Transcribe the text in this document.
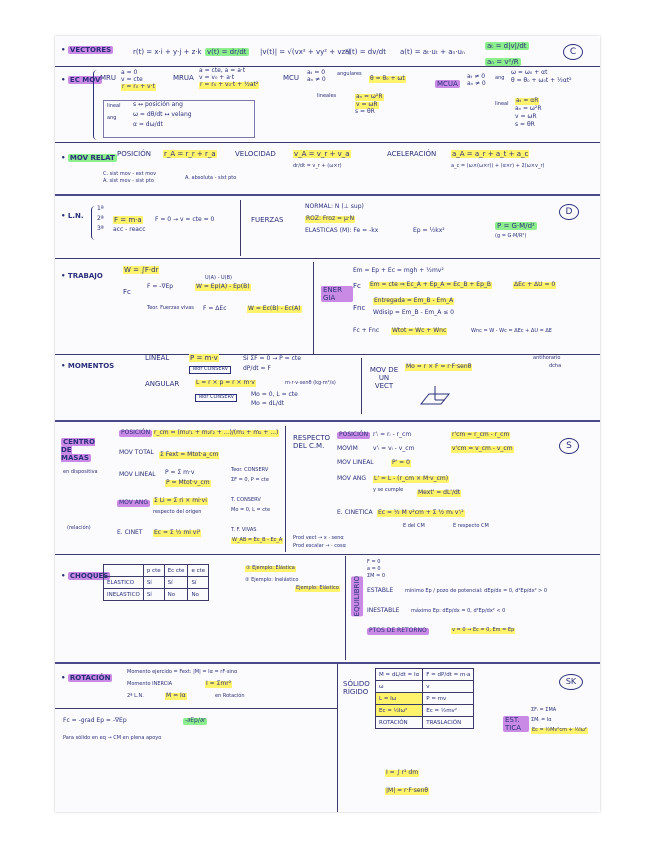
• VECTORES	r(t) = x·i + y·j + z·k v(t) = dr/dt |v(t)| = √(vx² + vy² + vz²)
a(t) = dv/dt a(t) = aₜ·uₜ + aₙ·uₙ
aₜ = d|v|/dt
aₙ = v²/R
C
• EC MOV MRU
a = 0
v = cte
r = r₀ + v·t
MRUA
a = cte, a = a·t
v = v₀ + a·t
r = r₀ + v₀·t + ½at²
MCU
aₜ = 0
aₙ ≠ 0
angulares
θ = θ₀ + ωt
lineales	aₙ = ω²R
v = ωR
s = θR
MCUA
aₜ ≠ 0
aₙ ≠ 0
ang
ω = ω₀ + αt
θ = θ₀ + ω₀t + ½αt²
lineal aₜ = αR
aₙ = ω²R
v = ωR
s = θR
lineal
ang
s ↔ posición ang
ω = dθ/dt ↔ velang
α = dω/dt
• MOV RELAT POSICIÓN r_A = r_r + r_a	VELOCIDAD	v_A = v_r + v_a
dr/dt = v_r + (ω×r)
ACELERACIÓN a_A = a_r + a_t + a_c
a_c = (ω×(ω×r)) + (α×r) + 2(ω×v_r)
C. sist mov - ext mov
A. sist mov - sist pto	A. absoluta - sist pto
• L.N.
1ª
2ª
3ª
F = m·a F = 0 → v = cte = 0
acc - reacc
FUERZAS
NORMAL: N (⊥ sup)
ROZ: Froz = μ·N
ELASTICAS (M): Fe = -kx	Ep = ½kx²
P = G·M/d²
(g = G·M/R²)
D
• TRABAJO
W = ∫F·dr
Fc
F = -∇Ep	W = Ep(A) - Ep(B)
U(A) - U(B)
Teor. Fuerzas vivas F = ΔEc	W = Ec(B) - Ec(A)
ENER GIA
Em = Ep + Ec = mgh + ½mv²
Fc Em = cte ⇒ Ec_A + Ep_A = Ec_B + Ep_B	ΔEc + ΔU = 0
Fnc
Entregada = Em_B - Em_A
Wdisip = Em_B - Em_A ≤ 0
Fc + Fnc Wtot = Wc + Wnc	Wnc = W - Wc = ΔEc + ΔU = ΔE
• MOMENTOS
LINEAL	P = m·v	Si ΣF = 0 → P = cte
Teor CONSERV	dP/dt = F
ANGULAR	L = r × p = r × m·v	m·r·v·senθ (kg·m²/s)
Teor CONSERV	Mo = 0, L = cte
Mo = dL/dt
MOV DE UN VECT
Mo = r × F = r·F·senθ
antihorario
dcha
CENTRO DE MASAS
en dispositiva
(relación)
POSICIÓN r_cm = (m₁r₁ + m₂r₂ + ...)/(m₁ + m₂ + ...)
MOV TOTAL Σ Fext = Mtot·a_cm
MOV LINEAL P = Σ m·v
P = Mtot·v_cm
Teor. CONSERV
ΣF = 0, P = cte
MOV ANG Σ Li = Σ ri × mi·vi
respecto del origen
T. CONSERV
Mo = 0, L = cte
E. CINET Ec = Σ ½ mi vi²	T. F. VIVAS
W_AB = Ec_B - Ec_A
RESPECTO DEL C.M.
POSICIÓN r'ᵢ = rᵢ - r_cm	r'cm = r_cm - r_cm
MOVIM	v'ᵢ = vᵢ - v_cm	v'cm = v_cm - v_cm
MOV LINEAL	P' = 0
MOV ANG L' = L - (r_cm × M·v_cm)
y se cumple Mext' = dL'/dt
E. CINETICA Ec = ½ M v²cm + Σ ½ mᵢ v'ᵢ²
E del CM	E respecto CM
Prod vect → x · senα
Prod escalar → · cosα
S
• CHOQUES
	p cte	Ec cte	e cte
ELASTICO	Sí	Sí	Sí
INELASTICO	Sí	No	No
① Ejemplo: Elástica
② Ejemplo: Inelástico
Ejemplo: Elástico EQUILIBRIO
F = 0
a = 0
ΣM = 0
ESTABLE mínimo Ep / pozo de potencial: dEp/dx = 0, d²Ep/dx² > 0
INESTABLE máximo Ep: dEp/dx = 0, d²Ep/dx² < 0
PTOS DE RETORNO	v = 0 → Ec = 0, Em = Ep
• ROTACIÓN
Momento ejercido = Fext: |M| = Iα = rF·sinα
Momento INERCIA	I = Σmr²
2ª L.N.	M = Iα	en Rotación
Fc = -grad Ep = -∇Ep	-∂Ep/∂r
Para sólido en eq → CM en plena apoyo
SÓLIDO RÍGIDO
M = dL/dt = Iα	F = dP/dt = m·a
ω	v
L = Iω	P = mv
Ec = ½Iω²	Ec = ½mv²
ROTACIÓN	TRASLACIÓN
I = ∫ r² dm
|M| = r·F·senθ
SK
EST. TICA
ΣFᵢ = ΣMA
ΣMᵢ = Iα
Ec = ½Mv²cm + ½Iω²
